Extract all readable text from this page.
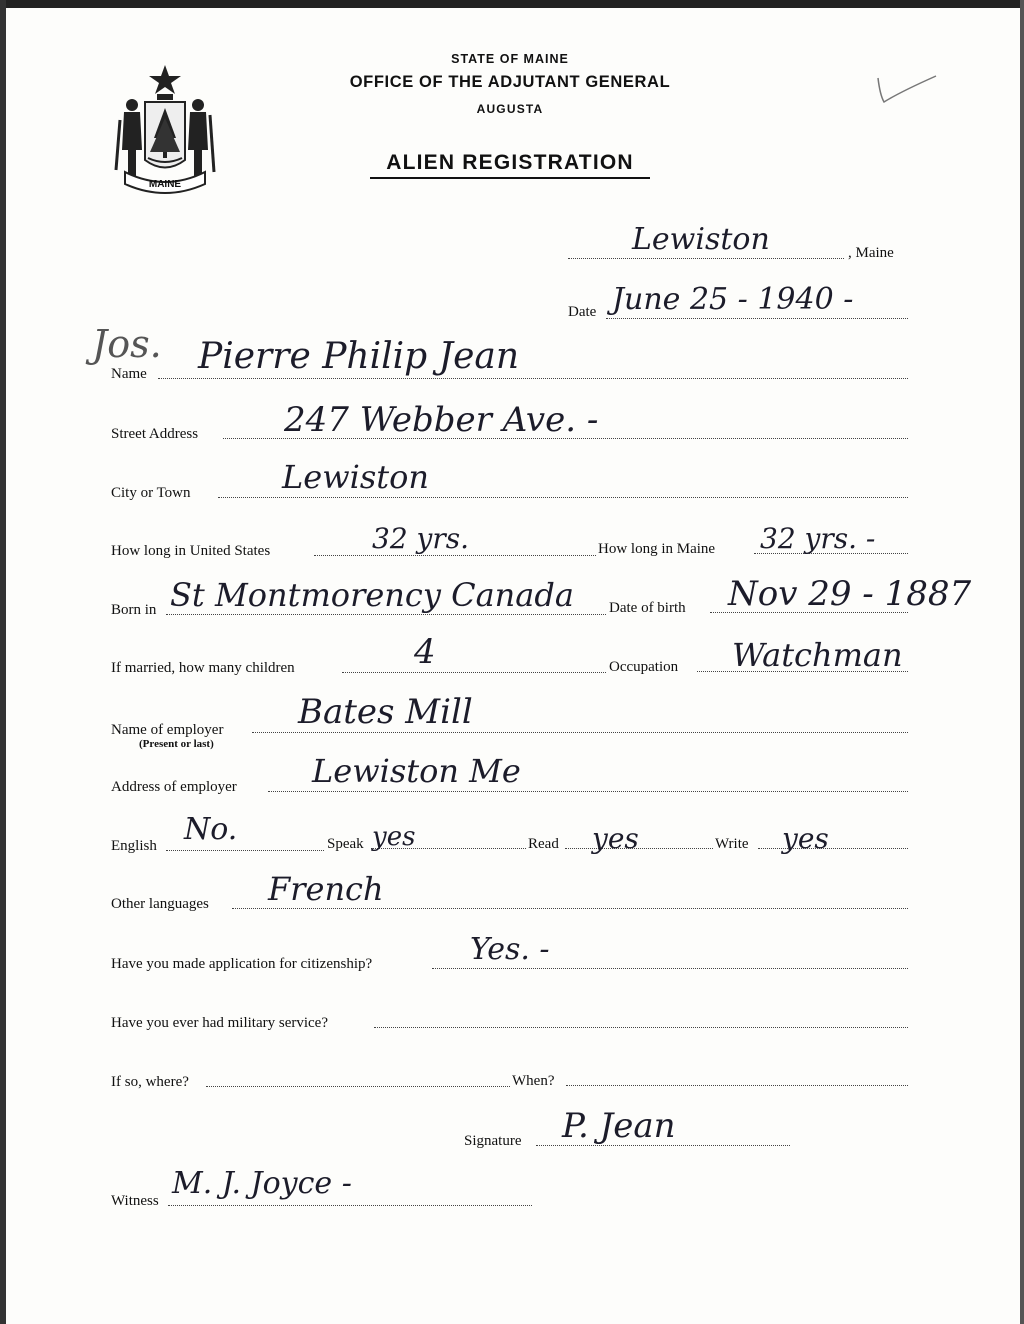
MAINE
STATE OF MAINE
OFFICE OF THE ADJUTANT GENERAL
AUGUSTA
ALIEN REGISTRATION
Lewiston	, Maine
Date June 25 - 1940 -
Jos.
Name Pierre Philip Jean
Street Address	247 Webber Ave. -
City or Town	Lewiston
How long in United States	32 yrs.	How long in Maine 32 yrs. -
Born in St Montmorency Canada Date of birth Nov 29 - 1887
If married, how many children	4	Occupation Watchman
Name of employer
(Present or last)
Bates Mill
Address of employer Lewiston Me
English No.	Speak yes	Read yes	Write yes
Other languages French
Have you made application for citizenship?	Yes. -
Have you ever had military service?
If so, where?	When?
Signature P. Jean
Witness M. J. Joyce -
